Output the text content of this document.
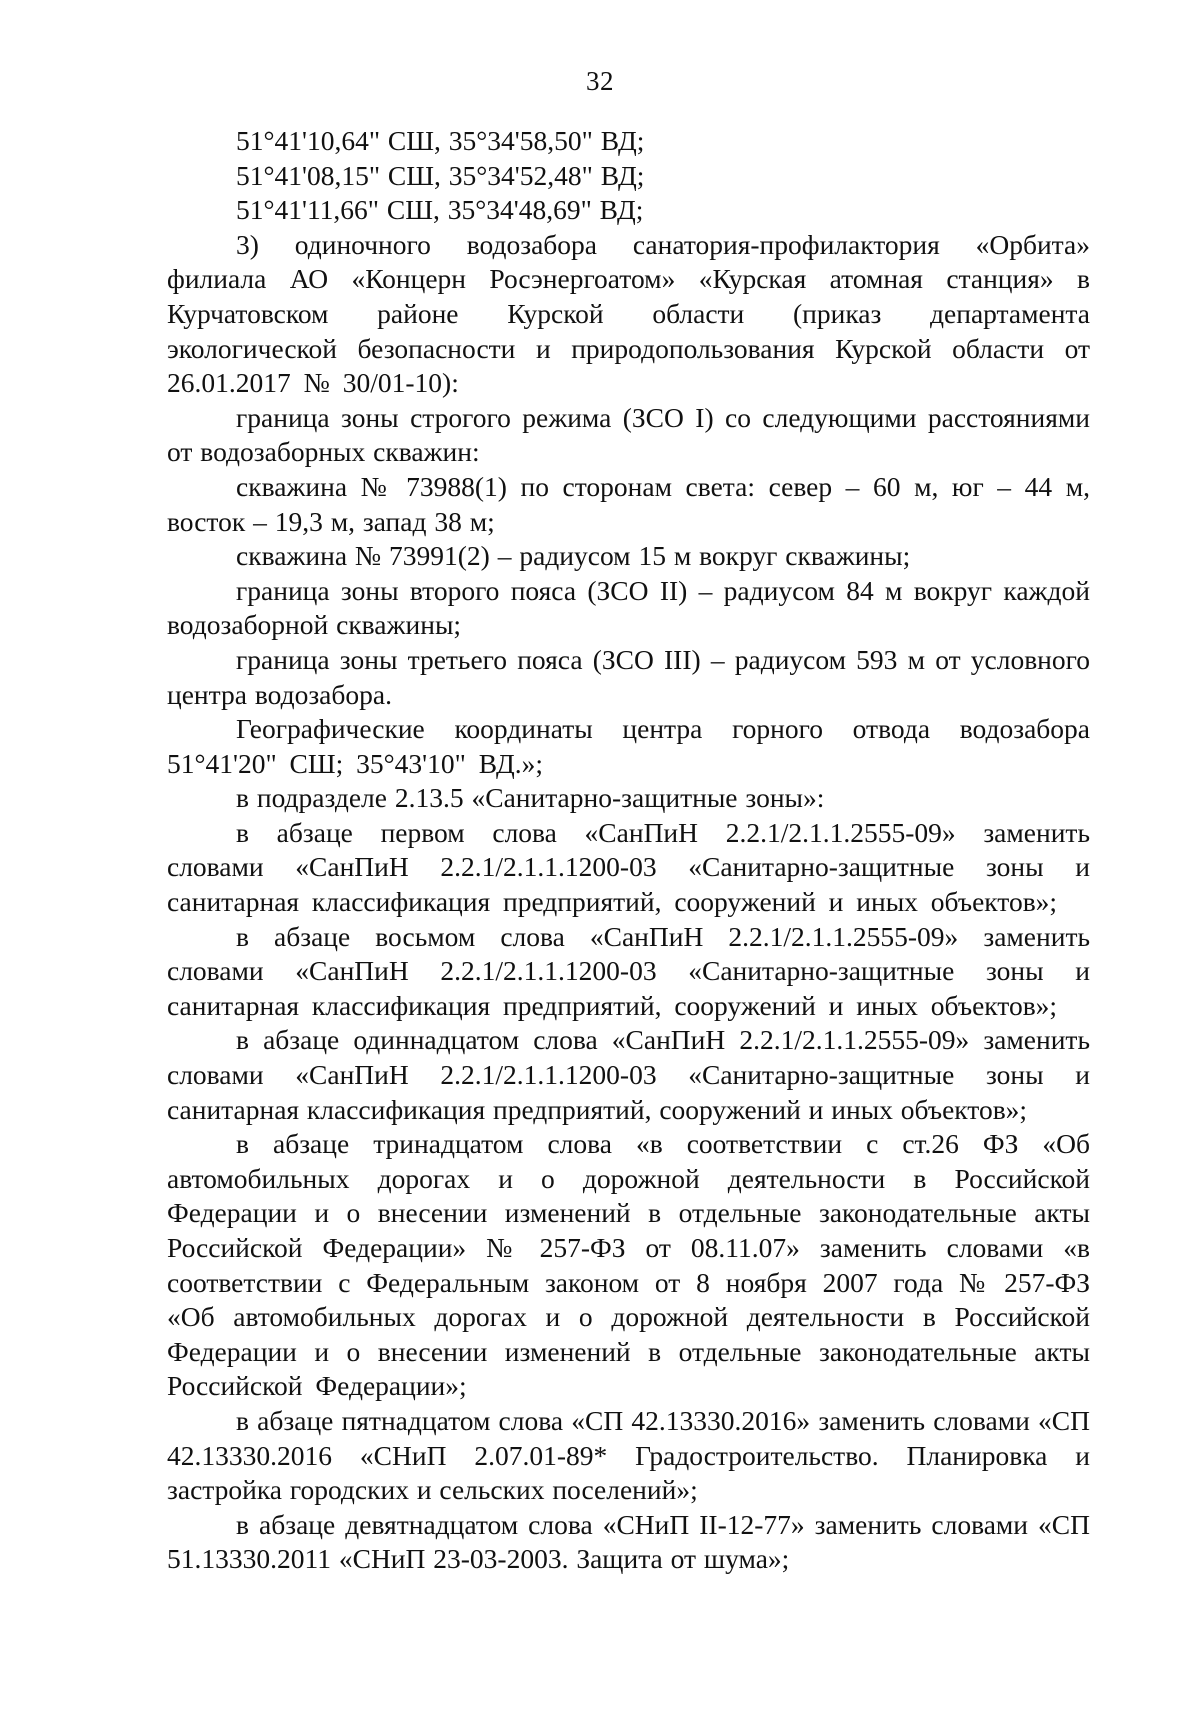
32

51°41'10,64" СШ, 35°34'58,50" ВД;

51°41'08,15" СШ, 35°34'52,48" ВД;

51°41'11,66" СШ, 35°34'48,69" ВД;

3) одиночного водозабора санатория-профилактория «Орбита» филиала АО «Концерн Росэнергоатом» «Курская атомная станция» в Курчатовском районе Курской области (приказ департамента экологической безопасности и природопользования Курской области от 26.01.2017 № 30/01-10):

граница зоны строгого режима (ЗСО I) со следующими расстояниями от водозаборных скважин:

скважина № 73988(1) по сторонам света: север – 60 м, юг – 44 м, восток – 19,3 м, запад 38 м;

скважина № 73991(2) – радиусом 15 м вокруг скважины;

граница зоны второго пояса (ЗСО II) – радиусом 84 м вокруг каждой водозаборной скважины;

граница зоны третьего пояса (ЗСО III) – радиусом 593 м от условного центра водозабора.

Географические координаты центра горного отвода водозабора 51°41'20" СШ; 35°43'10" ВД.»;

в подразделе 2.13.5 «Санитарно-защитные зоны»:

в абзаце первом слова «СанПиН 2.2.1/2.1.1.2555-09» заменить словами «СанПиН 2.2.1/2.1.1.1200-03 «Санитарно-защитные зоны и санитарная классификация предприятий, сооружений и иных объектов»;

в абзаце восьмом слова «СанПиН 2.2.1/2.1.1.2555-09» заменить словами «СанПиН 2.2.1/2.1.1.1200-03 «Санитарно-защитные зоны и санитарная классификация предприятий, сооружений и иных объектов»;

в абзаце одиннадцатом слова «СанПиН 2.2.1/2.1.1.2555-09» заменить словами «СанПиН 2.2.1/2.1.1.1200-03 «Санитарно-защитные зоны и санитарная классификация предприятий, сооружений и иных объектов»;

в абзаце тринадцатом слова «в соответствии с ст.26 ФЗ «Об автомобильных дорогах и о дорожной деятельности в Российской Федерации и о внесении изменений в отдельные законодательные акты Российской Федерации» № 257-ФЗ от 08.11.07» заменить словами «в соответствии с Федеральным законом от 8 ноября 2007 года № 257-ФЗ «Об автомобильных дорогах и о дорожной деятельности в Российской Федерации и о внесении изменений в отдельные законодательные акты Российской Федерации»;

в абзаце пятнадцатом слова «СП 42.13330.2016» заменить словами «СП 42.13330.2016 «СНиП 2.07.01-89* Градостроительство. Планировка и застройка городских и сельских поселений»;

в абзаце девятнадцатом слова «СНиП II-12-77» заменить словами «СП 51.13330.2011 «СНиП 23-03-2003. Защита от шума»;
